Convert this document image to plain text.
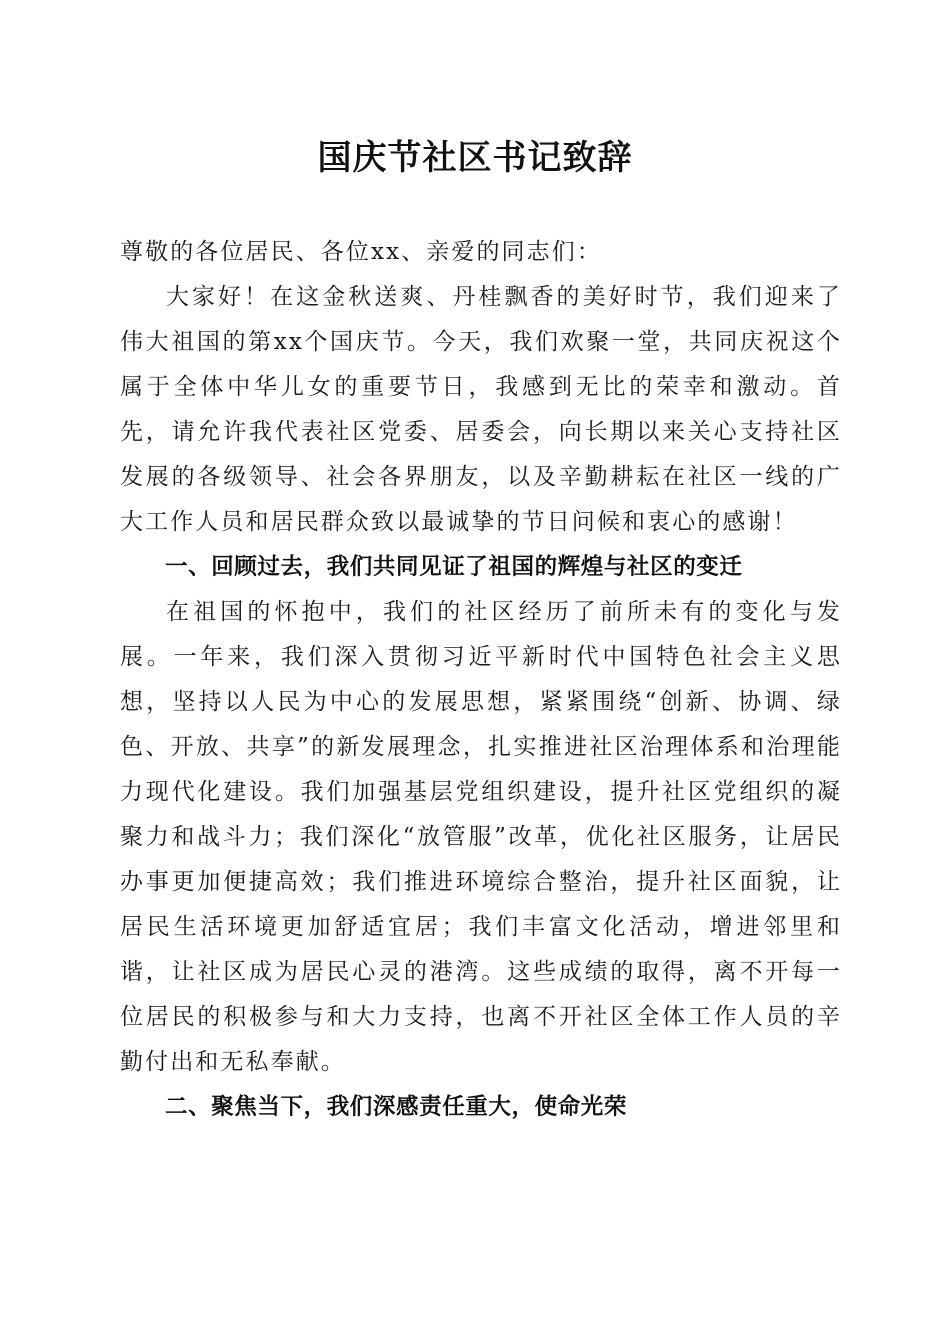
国庆节社区书记致辞

尊敬的各位居民、各位xx、亲爱的同志们：

大家好！在这金秋送爽、丹桂飘香的美好时节，我们迎来了伟大祖国的第xx个国庆节。今天，我们欢聚一堂，共同庆祝这个属于全体中华儿女的重要节日，我感到无比的荣幸和激动。首先，请允许我代表社区党委、居委会，向长期以来关心支持社区发展的各级领导、社会各界朋友，以及辛勤耕耘在社区一线的广大工作人员和居民群众致以最诚挚的节日问候和衷心的感谢！

一、回顾过去，我们共同见证了祖国的辉煌与社区的变迁

在祖国的怀抱中，我们的社区经历了前所未有的变化与发展。一年来，我们深入贯彻习近平新时代中国特色社会主义思想，坚持以人民为中心的发展思想，紧紧围绕“创新、协调、绿色、开放、共享”的新发展理念，扎实推进社区治理体系和治理能力现代化建设。我们加强基层党组织建设，提升社区党组织的凝聚力和战斗力；我们深化“放管服”改革，优化社区服务，让居民办事更加便捷高效；我们推进环境综合整治，提升社区面貌，让居民生活环境更加舒适宜居；我们丰富文化活动，增进邻里和谐，让社区成为居民心灵的港湾。这些成绩的取得，离不开每一位居民的积极参与和大力支持，也离不开社区全体工作人员的辛勤付出和无私奉献。

二、聚焦当下，我们深感责任重大，使命光荣
